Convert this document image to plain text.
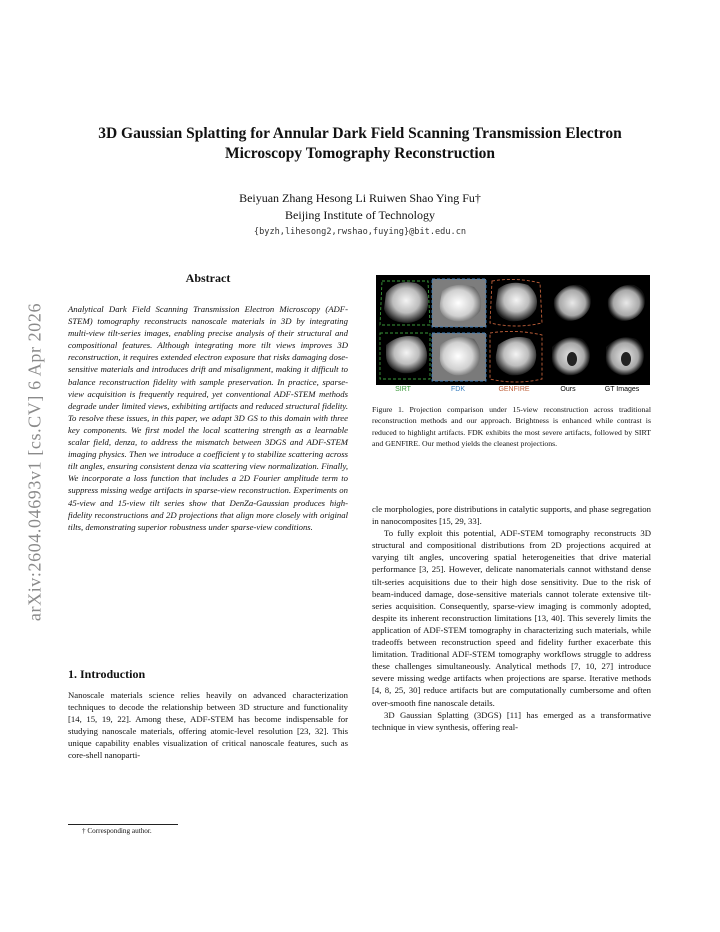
arXiv:2604.04693v1 [cs.CV] 6 Apr 2026
3D Gaussian Splatting for Annular Dark Field Scanning Transmission Electron Microscopy Tomography Reconstruction
Beiyuan Zhang Hesong Li Ruiwen Shao Ying Fu†
Beijing Institute of Technology
{byzh,lihesong2,rwshao,fuying}@bit.edu.cn
Abstract
Analytical Dark Field Scanning Transmission Electron Microscopy (ADF-STEM) tomography reconstructs nanoscale materials in 3D by integrating multi-view tilt-series images, enabling precise analysis of their structural and compositional features. Although integrating more tilt views improves 3D reconstruction, it requires extended electron exposure that risks damaging dose-sensitive materials and introduces drift and misalignment, making it difficult to balance reconstruction fidelity with sample preservation. In practice, sparse-view acquisition is frequently required, yet conventional ADF-STEM methods degrade under limited views, exhibiting artifacts and reduced structural fidelity. To resolve these issues, in this paper, we adapt 3D GS to this domain with three key components. We first model the local scattering strength as a learnable scalar field, denza, to address the mismatch between 3DGS and ADF-STEM imaging physics. Then we introduce a coefficient γ to stabilize scattering across tilt angles, ensuring consistent denza via scattering view normalization. Finally, We incorporate a loss function that includes a 2D Fourier amplitude term to suppress missing wedge artifacts in sparse-view reconstruction. Experiments on 45-view and 15-view tilt series show that DenZa-Gaussian produces high-fidelity reconstructions and 2D projections that align more closely with original tilts, demonstrating superior robustness under sparse-view conditions.
1. Introduction
Nanoscale materials science relies heavily on advanced characterization techniques to decode the relationship between 3D structure and functionality [14, 15, 19, 22]. Among these, ADF-STEM has become indispensable for studying nanoscale materials, offering atomic-level resolution [23, 32]. This unique capability enables visualization of critical nanoscale features, such as core-shell nanoparti-
† Corresponding author.
SIRT	FDK	GENFIRE	Ours	GT Images
Figure 1. Projection comparison under 15-view reconstruction across traditional reconstruction methods and our approach. Brightness is enhanced while contrast is reduced to highlight artifacts. FDK exhibits the most severe artifacts, followed by SIRT and GENFIRE. Our method yields the cleanest projections.

cle morphologies, pore distributions in catalytic supports, and phase segregation in nanocomposites [15, 29, 33].

To fully exploit this potential, ADF-STEM tomography reconstructs 3D structural and compositional distributions from 2D projections acquired at varying tilt angles, uncovering spatial heterogeneities that drive material performance [3, 25]. However, delicate nanomaterials cannot withstand dense tilt-series acquisitions due to their high dose sensitivity. Due to the risk of beam-induced damage, dose-sensitive materials cannot tolerate extensive tilt-series acquisition. Consequently, sparse-view imaging is commonly adopted, despite its inherent reconstruction limitations [13, 40]. This severely limits the application of ADF-STEM tomography in characterizing such materials, while tradeoffs between reconstruction speed and fidelity further exacerbate this limitation. Traditional ADF-STEM tomography workflows struggle to address these challenges simultaneously. Analytical methods [7, 10, 27] introduce severe missing wedge artifacts when projections are sparse. Iterative methods [4, 8, 25, 30] reduce artifacts but are computationally cumbersome and often over-smooth fine nanoscale details.

3D Gaussian Splatting (3DGS) [11] has emerged as a transformative technique in view synthesis, offering real-
